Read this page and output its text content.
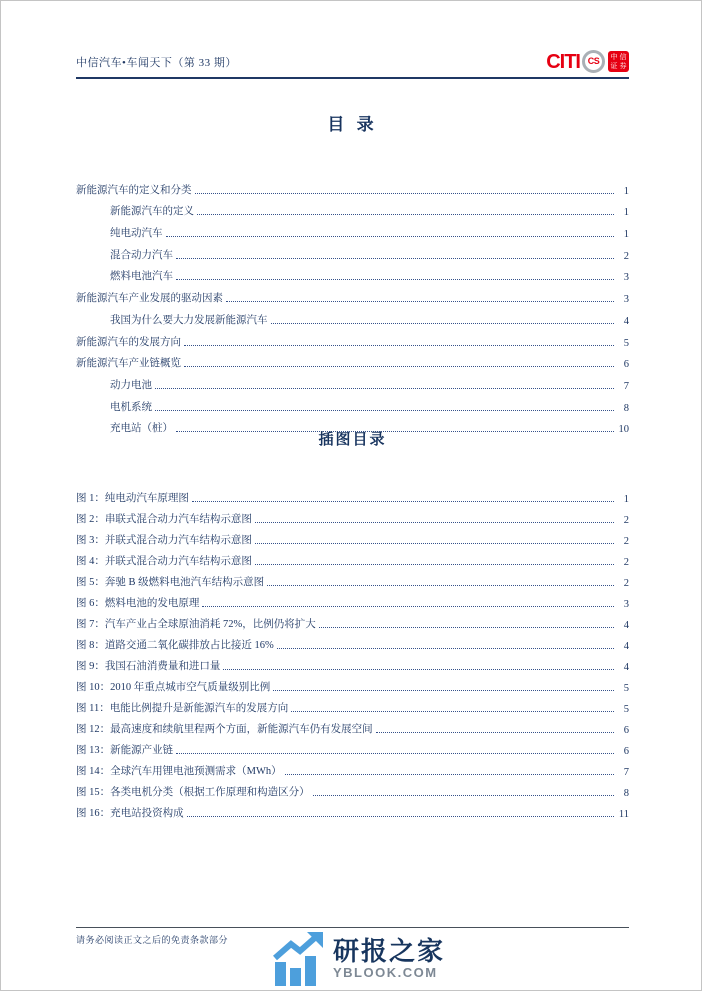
中信汽车•车闻天下（第 33 期）	CITI CS 中 信
证 券
目 录
新能源汽车的定义和分类	1
新能源汽车的定义	1
纯电动汽车	1
混合动力汽车	2
燃料电池汽车	3
新能源汽车产业发展的驱动因素	3
我国为什么要大力发展新能源汽车	4
新能源汽车的发展方向	5
新能源汽车产业链概览	6
动力电池	7
电机系统	8
充电站（桩）	10
插图目录
图 1：纯电动汽车原理图	1
图 2：串联式混合动力汽车结构示意图	2
图 3：并联式混合动力汽车结构示意图	2
图 4：并联式混合动力汽车结构示意图	2
图 5：奔驰 B 级燃料电池汽车结构示意图	2
图 6：燃料电池的发电原理	3
图 7：汽车产业占全球原油消耗 72%，比例仍将扩大	4
图 8：道路交通二氧化碳排放占比接近 16%	4
图 9：我国石油消费量和进口量	4
图 10：2010 年重点城市空气质量级别比例	5
图 11：电能比例提升是新能源汽车的发展方向	5
图 12：最高速度和续航里程两个方面，新能源汽车仍有发展空间	6
图 13：新能源产业链	6
图 14：全球汽车用锂电池预测需求（MWh）	7
图 15：各类电机分类（根据工作原理和构造区分）	8
图 16：充电站投资构成	11
请务必阅读正文之后的免责条款部分	研报之家
YBLOOK.COM
